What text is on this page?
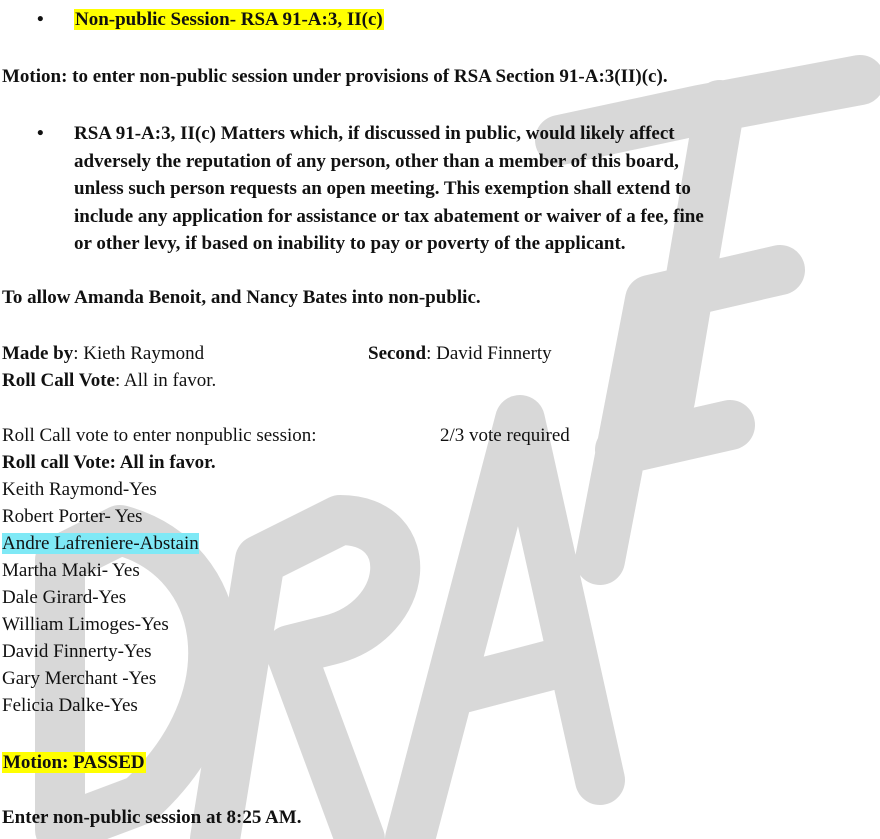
• Non-public Session- RSA 91-A:3, II(c)
Motion: to enter non-public session under provisions of RSA Section 91-A:3(II)(c).
• RSA 91-A:3, II(c) Matters which, if discussed in public, would likely affect
adversely the reputation of any person, other than a member of this board,
unless such person requests an open meeting. This exemption shall extend to
include any application for assistance or tax abatement or waiver of a fee, fine
or other levy, if based on inability to pay or poverty of the applicant.
To allow Amanda Benoit, and Nancy Bates into non-public.
Made by: Kieth Raymond	Second: David Finnerty
Roll Call Vote: All in favor.
Roll Call vote to enter nonpublic session:	2/3 vote required
Roll call Vote: All in favor.
Keith Raymond-Yes
Robert Porter- Yes
Andre Lafreniere-Abstain
Martha Maki- Yes
Dale Girard-Yes
William Limoges-Yes
David Finnerty-Yes
Gary Merchant -Yes
Felicia Dalke-Yes
Motion: PASSED
Enter non-public session at 8:25 AM.
